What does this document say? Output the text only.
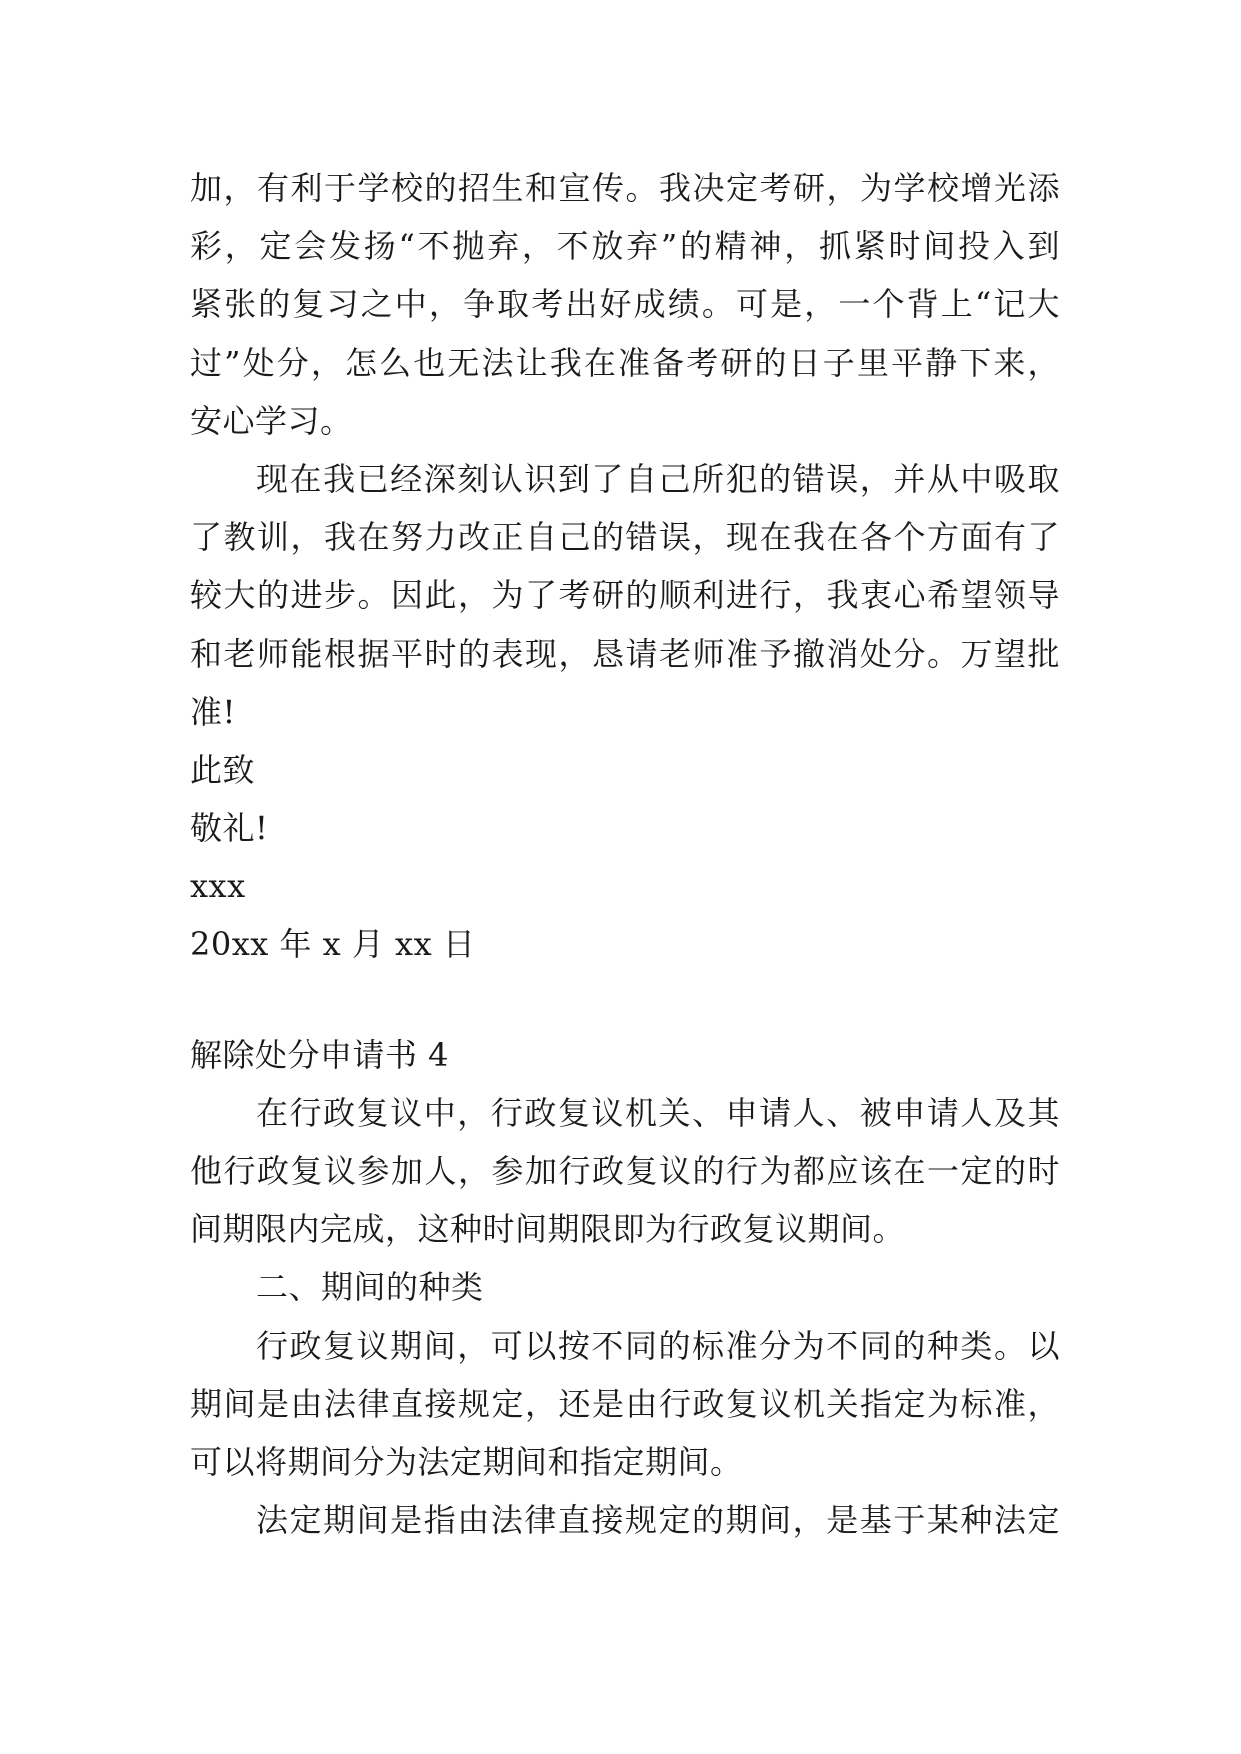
加，有利于学校的招生和宣传。我决定考研，为学校增光添
彩，定会发扬“不抛弃，不放弃”的精神，抓紧时间投入到
紧张的复习之中，争取考出好成绩。可是，一个背上“记大
过”处分，怎么也无法让我在准备考研的日子里平静下来，
安心学习。
现在我已经深刻认识到了自己所犯的错误，并从中吸取
了教训，我在努力改正自己的错误，现在我在各个方面有了
较大的进步。因此，为了考研的顺利进行，我衷心希望领导
和老师能根据平时的表现，恳请老师准予撤消处分。万望批
准!
此致
敬礼!
xxx
20xx 年 x 月 xx 日
解除处分申请书 4
在行政复议中，行政复议机关、申请人、被申请人及其
他行政复议参加人，参加行政复议的行为都应该在一定的时
间期限内完成，这种时间期限即为行政复议期间。
二、期间的种类
行政复议期间，可以按不同的标准分为不同的种类。以
期间是由法律直接规定，还是由行政复议机关指定为标准，
可以将期间分为法定期间和指定期间。
法定期间是指由法律直接规定的期间，是基于某种法定
